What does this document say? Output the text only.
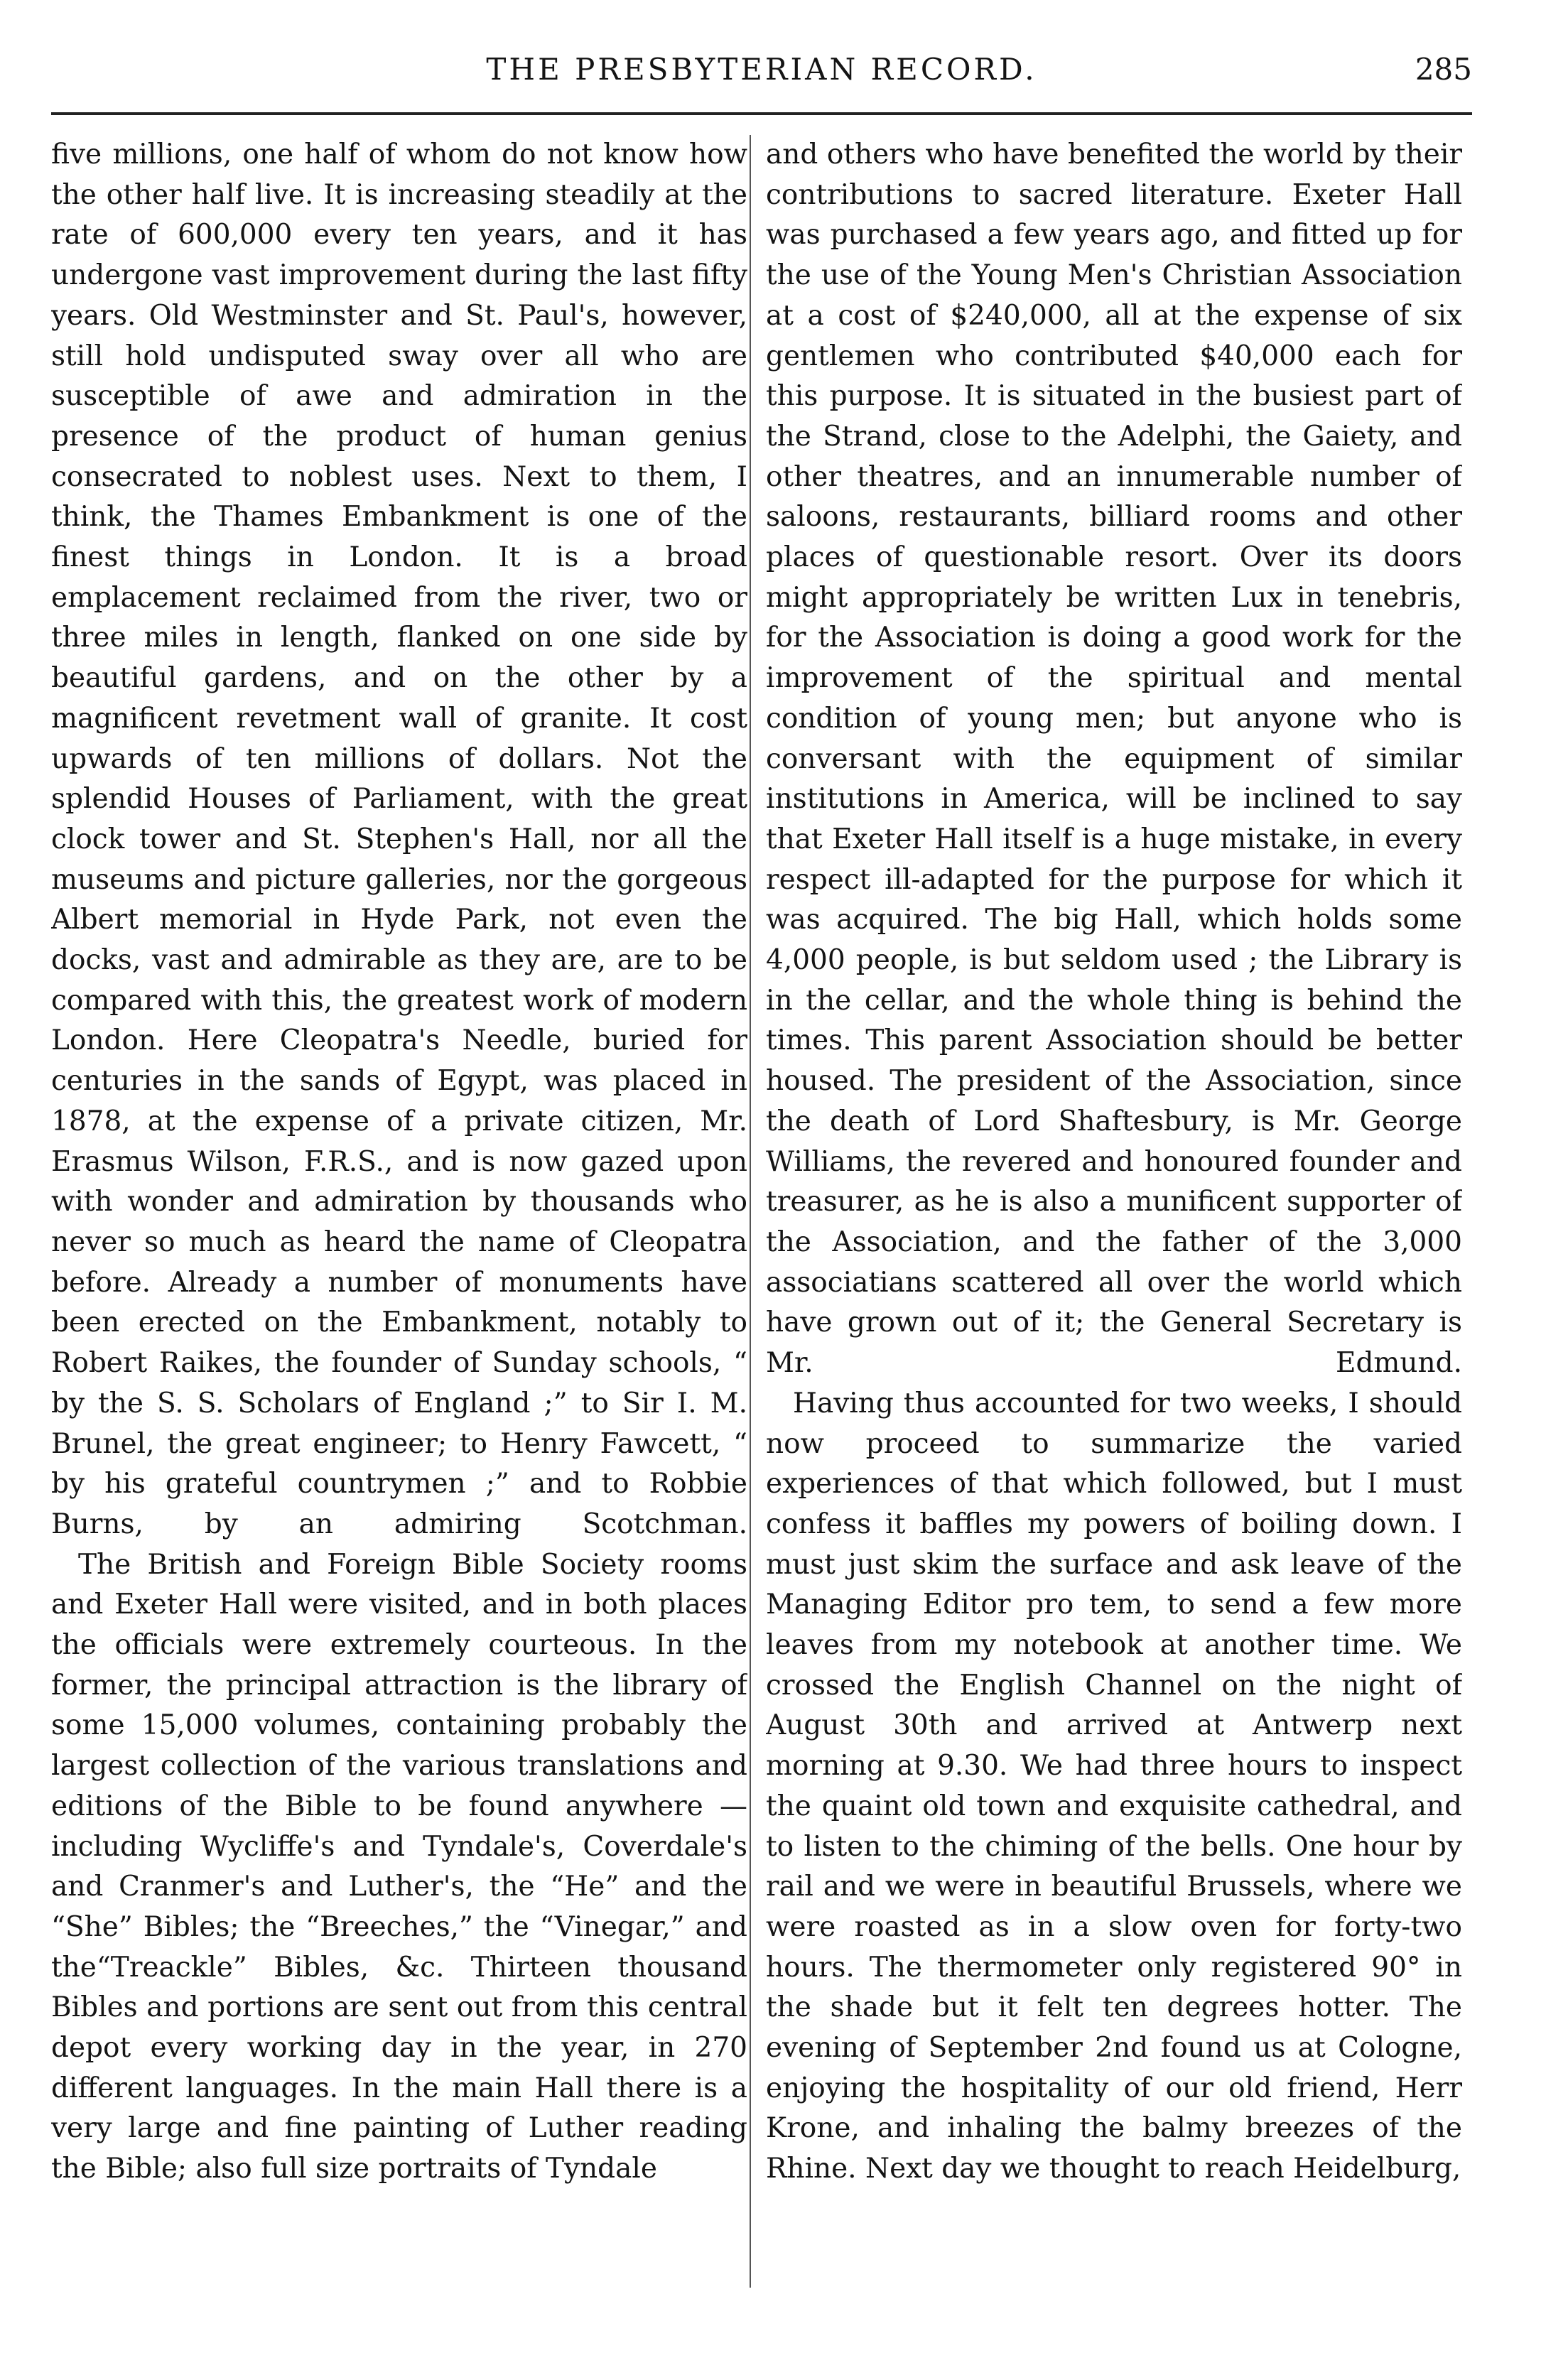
THE PRESBYTERIAN RECORD.	285

five millions, one half of whom do not know how the other half live. It is increasing steadily at the rate of 600,000 every ten years, and it has undergone vast improvement during the last fifty years. Old Westminster and St. Paul's, however, still hold undisputed sway over all who are susceptible of awe and admiration in the presence of the product of human genius consecrated to noblest uses. Next to them, I think, the Thames Embankment is one of the finest things in London. It is a broad emplacement reclaimed from the river, two or three miles in length, flanked on one side by beautiful gardens, and on the other by a magnificent revetment wall of granite. It cost upwards of ten millions of dollars. Not the splendid Houses of Parliament, with the great clock tower and St. Stephen's Hall, nor all the museums and picture galleries, nor the gorgeous Albert memorial in Hyde Park, not even the docks, vast and admirable as they are, are to be compared with this, the greatest work of modern London. Here Cleopatra's Needle, buried for centuries in the sands of Egypt, was placed in 1878, at the expense of a private citizen, Mr. Erasmus Wilson, F.R.S., and is now gazed upon with wonder and admiration by thousands who never so much as heard the name of Cleopatra before. Already a number of monuments have been erected on the Embankment, notably to Robert Raikes, the founder of Sunday schools, “ by the S. S. Scholars of England ;” to Sir I. M. Brunel, the great engineer; to Henry Fawcett, “ by his grateful countrymen ;” and to Robbie Burns, by an admiring Scotchman.

The British and Foreign Bible Society rooms and Exeter Hall were visited, and in both places the officials were extremely courteous. In the former, the principal attraction is the library of some 15,000 volumes, containing probably the largest collection of the various translations and editions of the Bible to be found anywhere —including Wycliffe's and Tyndale's, Coverdale's and Cranmer's and Luther's, the “He” and the “She” Bibles; the “Breeches,” the “Vinegar,” and the“Treackle” Bibles, &c. Thirteen thousand Bibles and portions are sent out from this central depot every working day in the year, in 270 different languages. In the main Hall there is a very large and fine painting of Luther reading the Bible; also full size portraits of Tyndale

and others who have benefited the world by their contributions to sacred literature. Exeter Hall was purchased a few years ago, and fitted up for the use of the Young Men's Christian Association at a cost of $240,000, all at the expense of six gentlemen who contributed $40,000 each for this purpose. It is situated in the busiest part of the Strand, close to the Adelphi, the Gaiety, and other theatres, and an innumerable number of saloons, restaurants, billiard rooms and other places of questionable resort. Over its doors might appropriately be written Lux in tenebris, for the Association is doing a good work for the improvement of the spiritual and mental condition of young men; but anyone who is conversant with the equipment of similar institutions in America, will be inclined to say that Exeter Hall itself is a huge mistake, in every respect ill-adapted for the purpose for which it was acquired. The big Hall, which holds some 4,000 people, is but seldom used ; the Library is in the cellar, and the whole thing is behind the times. This parent Association should be better housed. The president of the Association, since the death of Lord Shaftesbury, is Mr. George Williams, the revered and honoured founder and treasurer, as he is also a munificent supporter of the Association, and the father of the 3,000 associatians scattered all over the world which have grown out of it; the General Secretary is Mr. Edmund.

Having thus accounted for two weeks, I should now proceed to summarize the varied experiences of that which followed, but I must confess it baffles my powers of boiling down. I must just skim the surface and ask leave of the Managing Editor pro tem, to send a few more leaves from my notebook at another time. We crossed the English Channel on the night of August 30th and arrived at Antwerp next morning at 9.30. We had three hours to inspect the quaint old town and exquisite cathedral, and to listen to the chiming of the bells. One hour by rail and we were in beautiful Brussels, where we were roasted as in a slow oven for forty-two hours. The thermometer only registered 90° in the shade but it felt ten degrees hotter. The evening of September 2nd found us at Cologne, enjoying the hospitality of our old friend, Herr Krone, and inhaling the balmy breezes of the Rhine. Next day we thought to reach Heidelburg,
